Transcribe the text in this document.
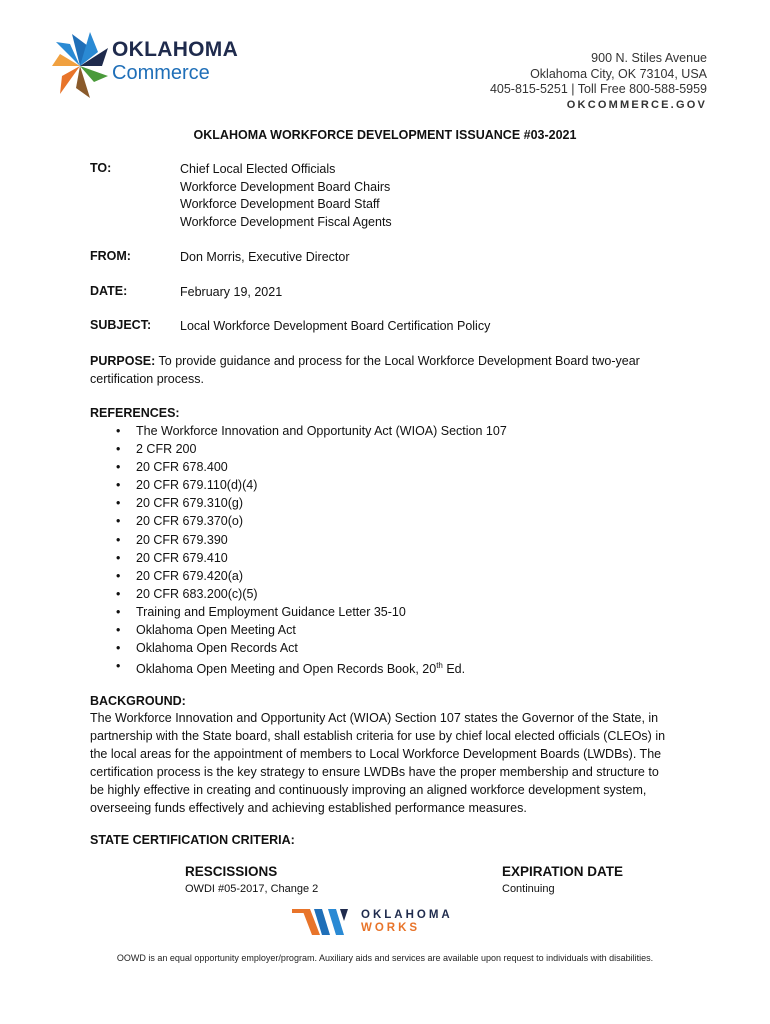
OKLAHOMA
Commerce
900 N. Stiles Avenue
Oklahoma City, OK 73104, USA
405-815-5251 | Toll Free 800-588-5959
OKCOMMERCE.GOV
OKLAHOMA WORKFORCE DEVELOPMENT ISSUANCE #03-2021
TO:	Chief Local Elected Officials
Workforce Development Board Chairs
Workforce Development Board Staff
Workforce Development Fiscal Agents
FROM:	Don Morris, Executive Director
DATE:	February 19, 2021
SUBJECT: Local Workforce Development Board Certification Policy
PURPOSE: To provide guidance and process for the Local Workforce Development Board two-year
certification process.
REFERENCES:
• The Workforce Innovation and Opportunity Act (WIOA) Section 107
• 2 CFR 200
• 20 CFR 678.400
• 20 CFR 679.110(d)(4)
• 20 CFR 679.310(g)
• 20 CFR 679.370(o)
• 20 CFR 679.390
• 20 CFR 679.410
• 20 CFR 679.420(a)
• 20 CFR 683.200(c)(5)
• Training and Employment Guidance Letter 35-10
• Oklahoma Open Meeting Act
• Oklahoma Open Records Act
• Oklahoma Open Meeting and Open Records Book, 20th Ed.
BACKGROUND:
The Workforce Innovation and Opportunity Act (WIOA) Section 107 states the Governor of the State, in
partnership with the State board, shall establish criteria for use by chief local elected officials (CLEOs) in
the local areas for the appointment of members to Local Workforce Development Boards (LWDBs). The
certification process is the key strategy to ensure LWDBs have the proper membership and structure to
be highly effective in creating and continuously improving an aligned workforce development system,
overseeing funds effectively and achieving established performance measures.
STATE CERTIFICATION CRITERIA:
RESCISSIONS
OWDI #05-2017, Change 2
EXPIRATION DATE
Continuing
OKLAHOMA
WORKS
OOWD is an equal opportunity employer/program. Auxiliary aids and services are available upon request to individuals with disabilities.
